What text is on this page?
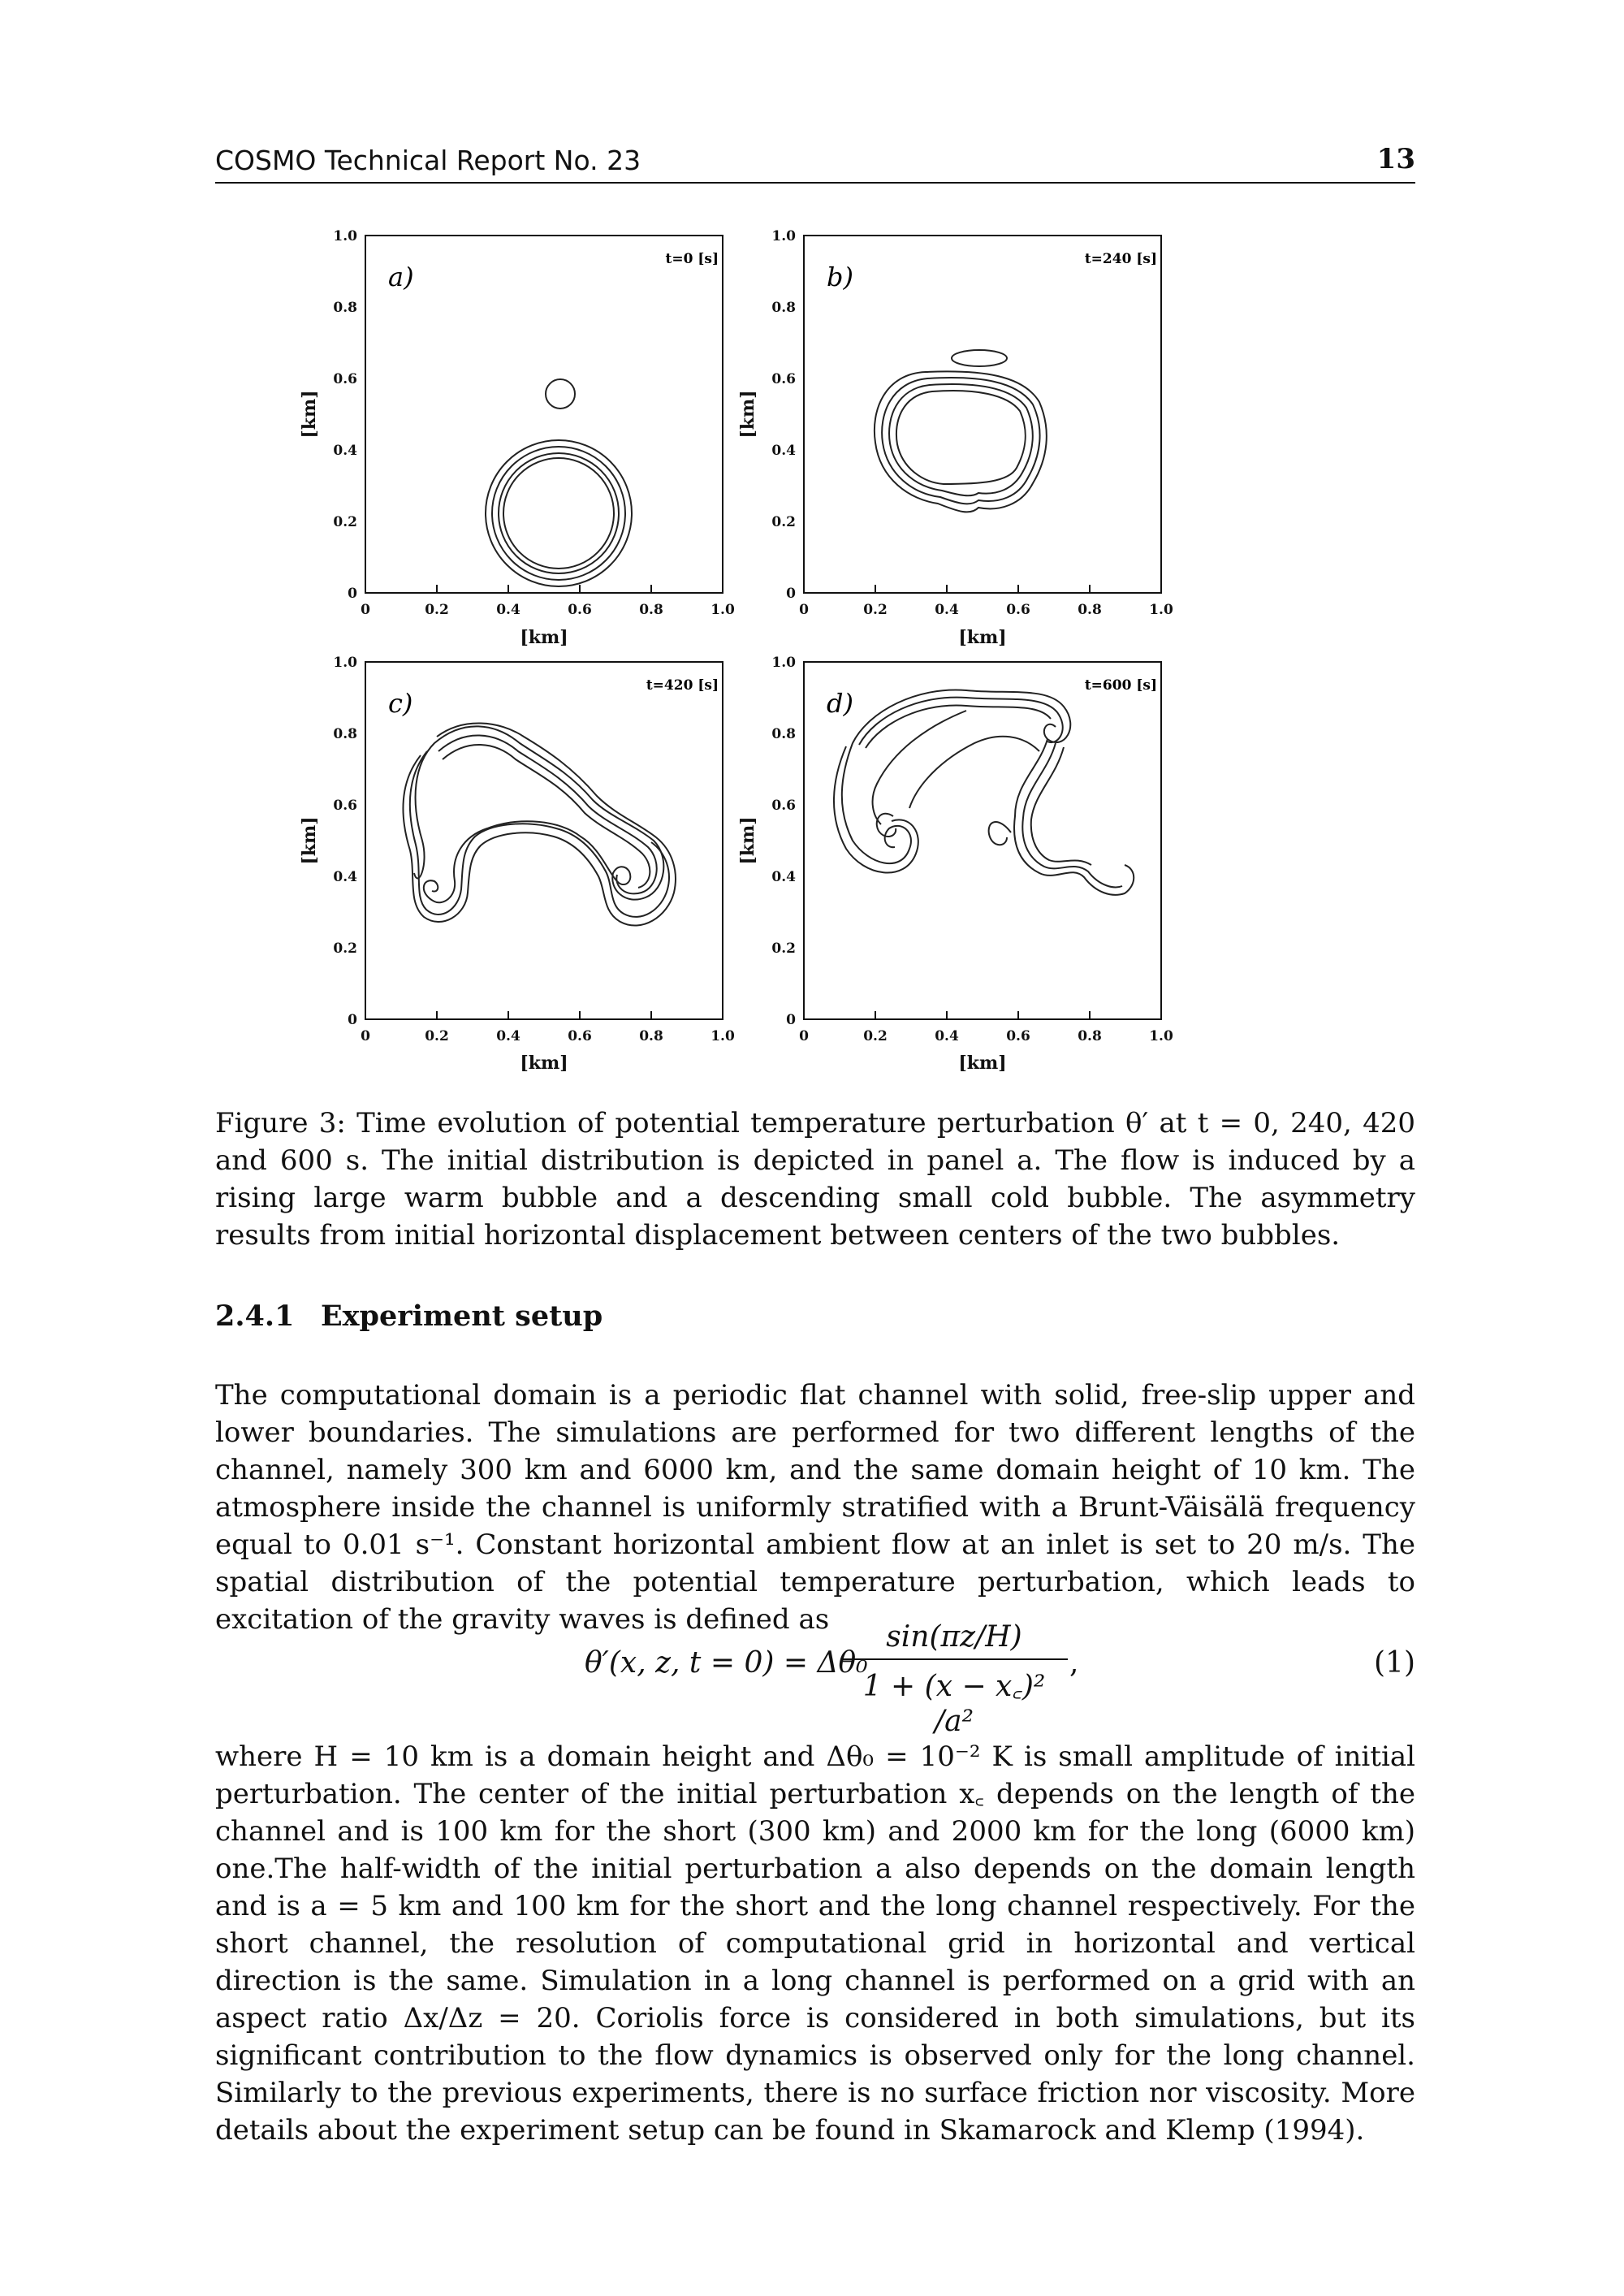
COSMO Technical Report No. 23	13
a)
t=0 [s]
b)
t=240 [s]
c)
t=420 [s]
d)
t=600 [s]
0
0.2
0.4
0.6
0.8
1.0
0
0.2
0.4
0.6
0.8
1.0
0
0.2
0.4
0.6
0.8
1.0
0
0.2
0.4
0.6
0.8
1.0
0	0.2	0.4	0.6	0.8	1.0	0	0.2	0.4	0.6	0.8	1.0
0	0.2	0.4	0.6	0.8	1.0	0	0.2	0.4	0.6	0.8	1.0
[km]	[km]
[km]	[km]
[km]	[km]
[km]	[km]
Figure 3: Time evolution of potential temperature perturbation θ′ at t = 0, 240, 420 and 600 s. The initial distribution is depicted in panel a. The flow is induced by a rising large warm bubble and a descending small cold bubble. The asymmetry results from initial horizontal displacement between centers of the two bubbles.
2.4.1 Experiment setup
The computational domain is a periodic flat channel with solid, free-slip upper and lower boundaries. The simulations are performed for two different lengths of the channel, namely 300 km and 6000 km, and the same domain height of 10 km. The atmosphere inside the channel is uniformly stratified with a Brunt-Väisälä frequency equal to 0.01 s⁻¹. Constant horizontal ambient flow at an inlet is set to 20 m/s. The spatial distribution of the potential temperature perturbation, which leads to excitation of the gravity waves is defined as
θ′(x, z, t = 0) = Δθ₀
$\frac{\sin(\pi z/H)}{\text{1 + (x − x꜀)² /a²}}$ ,	(1)
where H = 10 km is a domain height and Δθ₀ = 10⁻² K is small amplitude of initial perturbation. The center of the initial perturbation x꜀ depends on the length of the channel and is 100 km for the short (300 km) and 2000 km for the long (6000 km) one.The half-width of the initial perturbation a also depends on the domain length and is a = 5 km and 100 km for the short and the long channel respectively. For the short channel, the resolution of computational grid in horizontal and vertical direction is the same. Simulation in a long channel is performed on a grid with an aspect ratio Δx/Δz = 20. Coriolis force is considered in both simulations, but its significant contribution to the flow dynamics is observed only for the long channel. Similarly to the previous experiments, there is no surface friction nor viscosity. More details about the experiment setup can be found in Skamarock and Klemp (1994).
